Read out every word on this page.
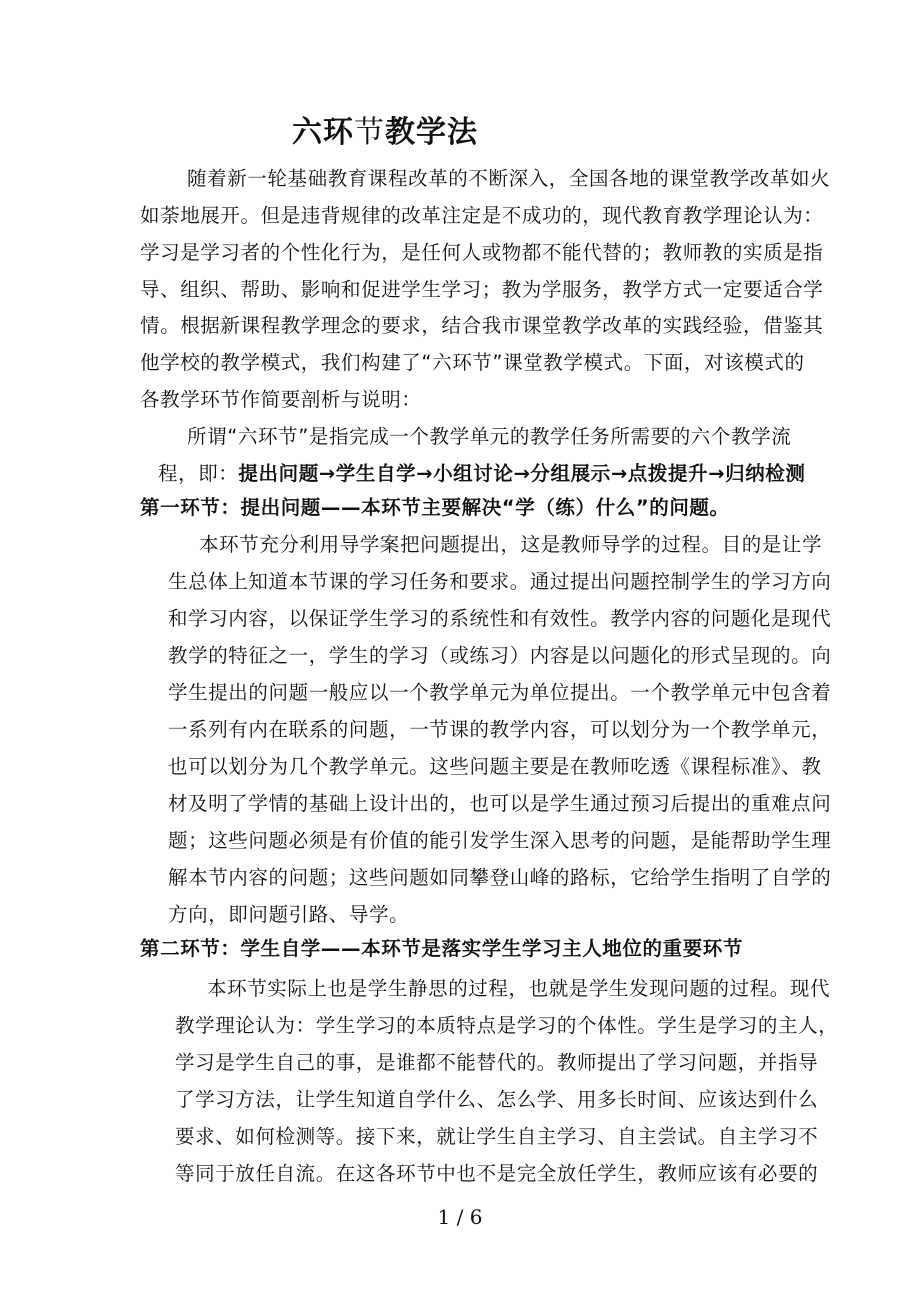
六环节教学法
随着新一轮基础教育课程改革的不断深入，全国各地的课堂教学改革如火
如荼地展开。但是违背规律的改革注定是不成功的，现代教育教学理论认为：
学习是学习者的个性化行为，是任何人或物都不能代替的；教师教的实质是指
导、组织、帮助、影响和促进学生学习；教为学服务，教学方式一定要适合学
情。根据新课程教学理念的要求，结合我市课堂教学改革的实践经验，借鉴其
他学校的教学模式，我们构建了“六环节”课堂教学模式。下面，对该模式的
各教学环节作简要剖析与说明：
所谓“六环节”是指完成一个教学单元的教学任务所需要的六个教学流
程，即：提出问题→学生自学→小组讨论→分组展示→点拨提升→归纳检测
第一环节：提出问题——本环节主要解决“学（练）什么”的问题。
本环节充分利用导学案把问题提出，这是教师导学的过程。目的是让学
生总体上知道本节课的学习任务和要求。通过提出问题控制学生的学习方向
和学习内容，以保证学生学习的系统性和有效性。教学内容的问题化是现代
教学的特征之一，学生的学习（或练习）内容是以问题化的形式呈现的。向
学生提出的问题一般应以一个教学单元为单位提出。一个教学单元中包含着
一系列有内在联系的问题，一节课的教学内容，可以划分为一个教学单元，
也可以划分为几个教学单元。这些问题主要是在教师吃透《课程标准》、教
材及明了学情的基础上设计出的，也可以是学生通过预习后提出的重难点问
题；这些问题必须是有价值的能引发学生深入思考的问题，是能帮助学生理
解本节内容的问题；这些问题如同攀登山峰的路标，它给学生指明了自学的
方向，即问题引路、导学。
第二环节：学生自学——本环节是落实学生学习主人地位的重要环节
本环节实际上也是学生静思的过程，也就是学生发现问题的过程。现代
教学理论认为：学生学习的本质特点是学习的个体性。学生是学习的主人，
学习是学生自己的事，是谁都不能替代的。教师提出了学习问题，并指导
了学习方法，让学生知道自学什么、怎么学、用多长时间、应该达到什么
要求、如何检测等。接下来，就让学生自主学习、自主尝试。自主学习不
等同于放任自流。在这各环节中也不是完全放任学生，教师应该有必要的
1 / 6
